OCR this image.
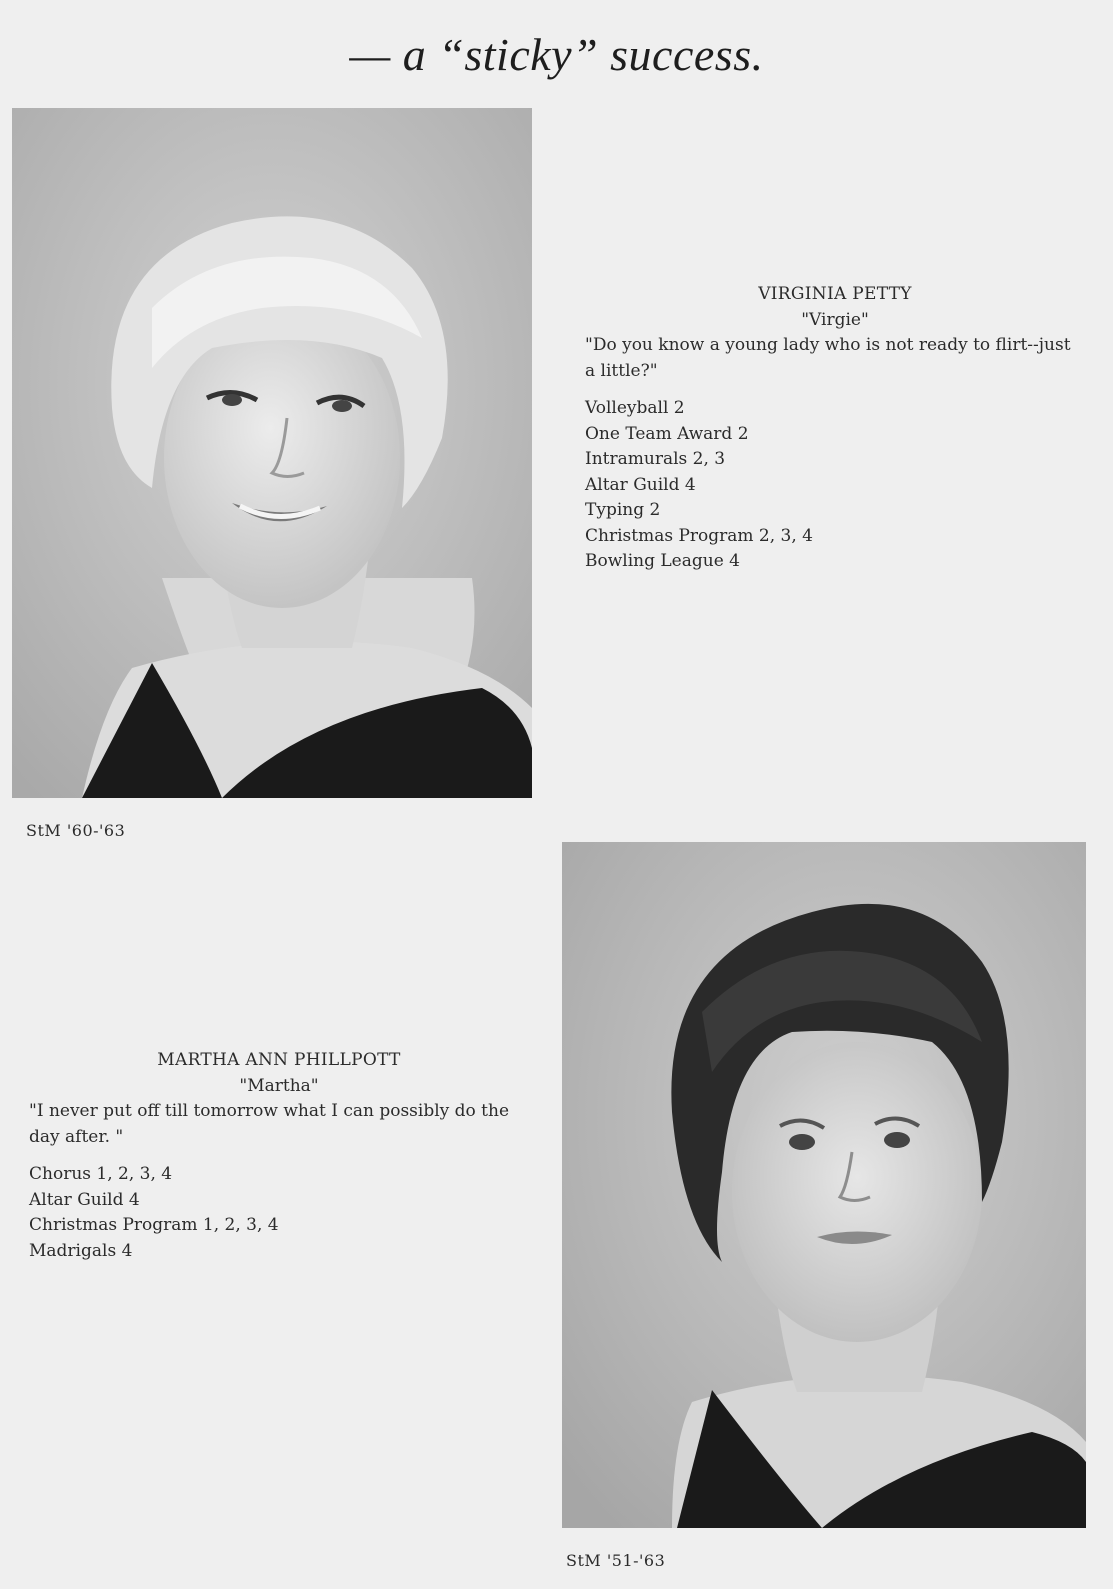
— a “sticky” success.
VIRGINIA PETTY
"Virgie"
"Do you know a young lady who is not ready to flirt--just a little?"
Volleyball 2
One Team Award 2
Intramurals 2, 3
Altar Guild 4
Typing 2
Christmas Program 2, 3, 4
Bowling League 4
StM '60-'63
MARTHA ANN PHILLPOTT
"Martha"
"I never put off till tomorrow what I can possibly do the day after. "
Chorus 1, 2, 3, 4
Altar Guild 4
Christmas Program 1, 2, 3, 4
Madrigals 4
StM '51-'63
